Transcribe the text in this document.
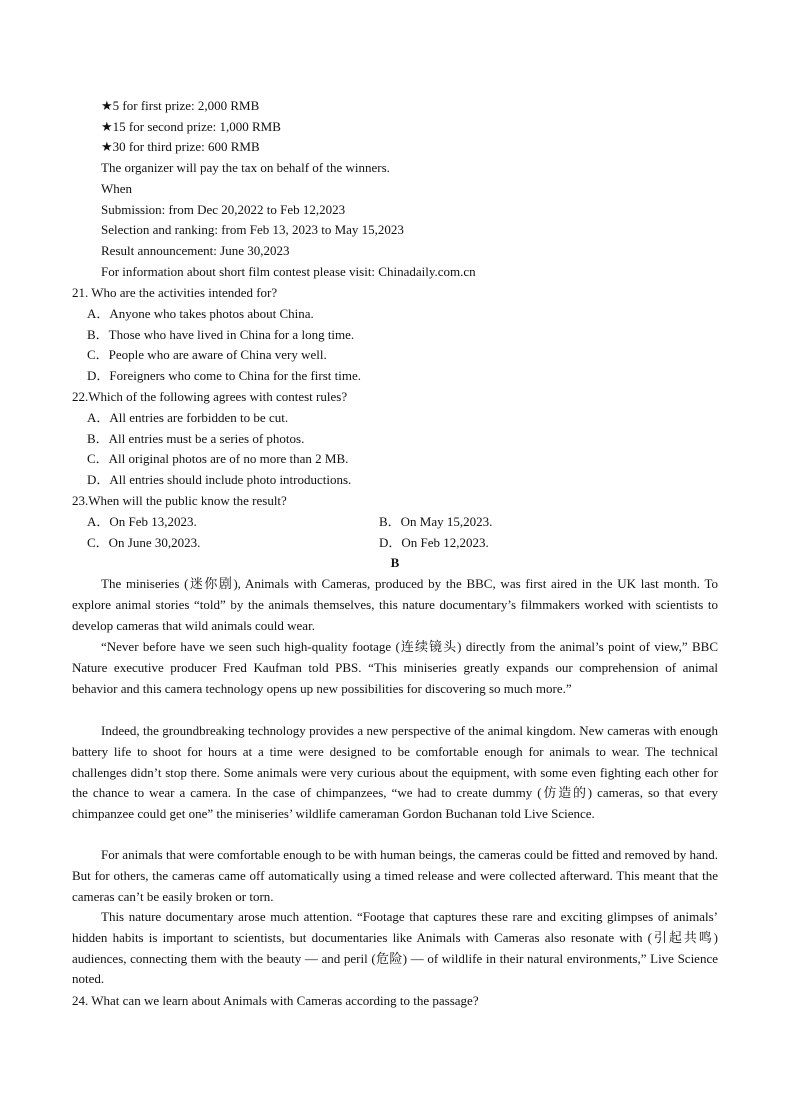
★5 for first prize: 2,000 RMB
★15 for second prize: 1,000 RMB
★30 for third prize: 600 RMB
The organizer will pay the tax on behalf of the winners.
When
Submission: from Dec 20,2022 to Feb 12,2023
Selection and ranking: from Feb 13, 2023 to May 15,2023
Result announcement: June 30,2023
For information about short film contest please visit: Chinadaily.com.cn
21. Who are the activities intended for?
A．Anyone who takes photos about China.
B．Those who have lived in China for a long time.
C．People who are aware of China very well.
D．Foreigners who come to China for the first time.
22.Which of the following agrees with contest rules?
A．All entries are forbidden to be cut.
B．All entries must be a series of photos.
C．All original photos are of no more than 2 MB.
D．All entries should include photo introductions.
23.When will the public know the result?
A．On Feb 13,2023.	B．On May 15,2023.
C．On June 30,2023.	D．On Feb 12,2023.
B

The miniseries (迷你剧), Animals with Cameras, produced by the BBC, was first aired in the UK last month. To explore animal stories “told” by the animals themselves, this nature documentary’s filmmakers worked with scientists to develop cameras that wild animals could wear.

“Never before have we seen such high-quality footage (连续镜头) directly from the animal’s point of view,” BBC Nature executive producer Fred Kaufman told PBS. “This miniseries greatly expands our comprehension of animal behavior and this camera technology opens up new possibilities for discovering so much more.”

Indeed, the groundbreaking technology provides a new perspective of the animal kingdom. New cameras with enough battery life to shoot for hours at a time were designed to be comfortable enough for animals to wear. The technical challenges didn’t stop there. Some animals were very curious about the equipment, with some even fighting each other for the chance to wear a camera. In the case of chimpanzees, “we had to create dummy (仿造的) cameras, so that every chimpanzee could get one” the miniseries’ wildlife cameraman Gordon Buchanan told Live Science.

For animals that were comfortable enough to be with human beings, the cameras could be fitted and removed by hand. But for others, the cameras came off automatically using a timed release and were collected afterward. This meant that the cameras can’t be easily broken or torn.

This nature documentary arose much attention. “Footage that captures these rare and exciting glimpses of animals’ hidden habits is important to scientists, but documentaries like Animals with Cameras also resonate with (引起共鸣) audiences, connecting them with the beauty — and peril (危险) — of wildlife in their natural environments,” Live Science noted.

24. What can we learn about Animals with Cameras according to the passage?
